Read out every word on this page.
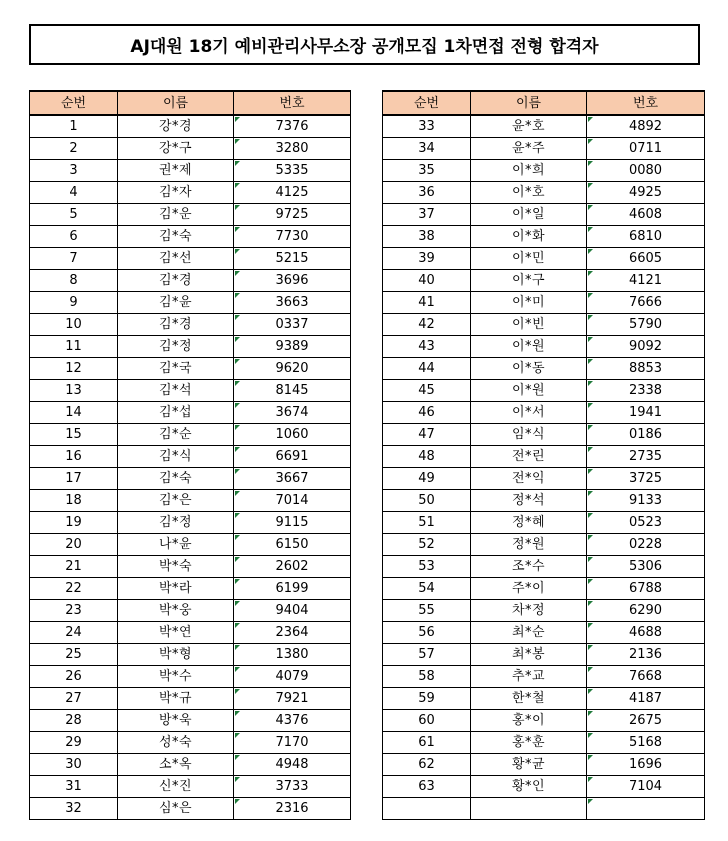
AJ대원 18기 예비관리사무소장 공개모집 1차면접 전형 합격자
순번	이름	번호
1	강*경	7376
2	강*구	3280
3	권*제	5335
4	김*자	4125
5	김*운	9725
6	김*숙	7730
7	김*선	5215
8	김*경	3696
9	김*윤	3663
10	김*경	0337
11	김*정	9389
12	김*국	9620
13	김*석	8145
14	김*섭	3674
15	김*순	1060
16	김*식	6691
17	김*숙	3667
18	김*은	7014
19	김*정	9115
20	나*윤	6150
21	박*숙	2602
22	박*라	6199
23	박*웅	9404
24	박*연	2364
25	박*형	1380
26	박*수	4079
27	박*규	7921
28	방*욱	4376
29	성*숙	7170
30	소*옥	4948
31	신*진	3733
32	심*은	2316
순번	이름	번호
33	윤*호	4892
34	윤*주	0711
35	이*희	0080
36	이*호	4925
37	이*일	4608
38	이*화	6810
39	이*민	6605
40	이*구	4121
41	이*미	7666
42	이*빈	5790
43	이*원	9092
44	이*동	8853
45	이*원	2338
46	이*서	1941
47	임*식	0186
48	전*린	2735
49	전*익	3725
50	정*석	9133
51	정*혜	0523
52	정*원	0228
53	조*수	5306
54	주*이	6788
55	차*정	6290
56	최*순	4688
57	최*봉	2136
58	추*교	7668
59	한*철	4187
60	홍*이	2675
61	홍*훈	5168
62	황*균	1696
63	황*인	7104
